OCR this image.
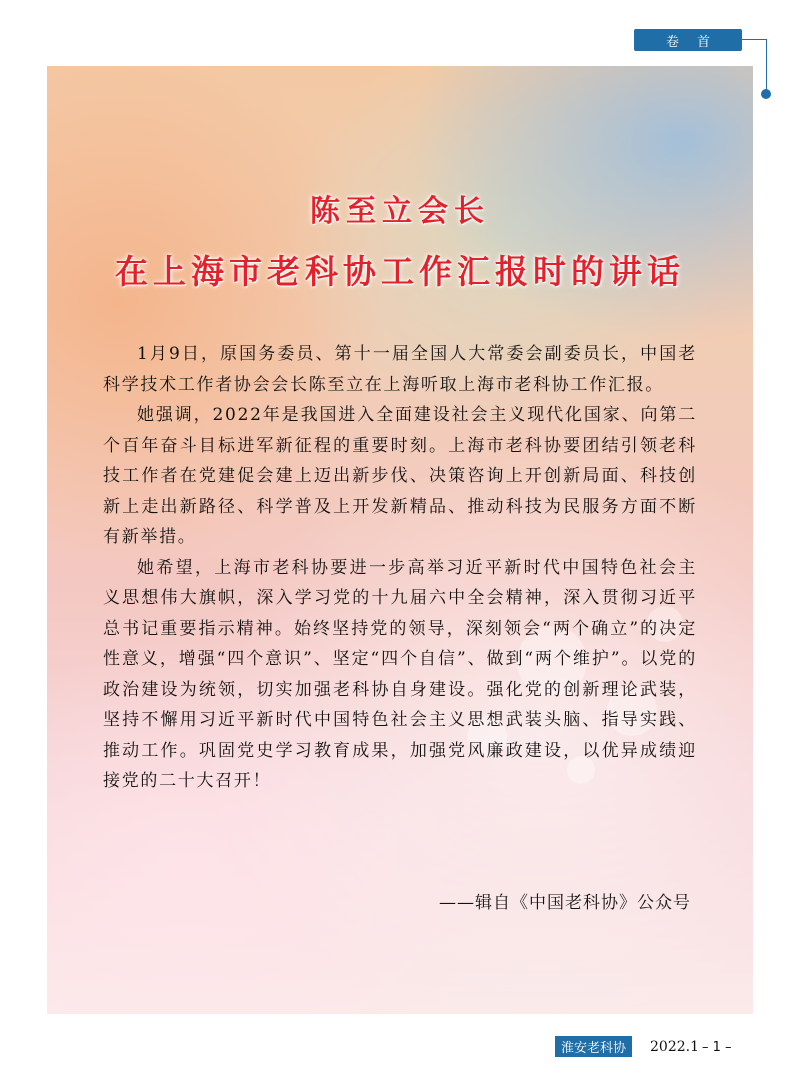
卷首
陈至立会长
在上海市老科协工作汇报时的讲话

1月9日，原国务委员、第十一届全国人大常委会副委员长，中国老科学技术工作者协会会长陈至立在上海听取上海市老科协工作汇报。

她强调，2022年是我国进入全面建设社会主义现代化国家、向第二个百年奋斗目标进军新征程的重要时刻。上海市老科协要团结引领老科技工作者在党建促会建上迈出新步伐、决策咨询上开创新局面、科技创新上走出新路径、科学普及上开发新精品、推动科技为民服务方面不断有新举措。

她希望，上海市老科协要进一步高举习近平新时代中国特色社会主义思想伟大旗帜，深入学习党的十九届六中全会精神，深入贯彻习近平总书记重要指示精神。始终坚持党的领导，深刻领会“两个确立”的决定性意义，增强“四个意识”、坚定“四个自信”、做到“两个维护”。以党的政治建设为统领，切实加强老科协自身建设。强化党的创新理论武装，坚持不懈用习近平新时代中国特色社会主义思想武装头脑、指导实践、推动工作。巩固党史学习教育成果，加强党风廉政建设，以优异成绩迎接党的二十大召开！

——辑自《中国老科协》公众号
淮安老科协	2022.1 – 1 –
